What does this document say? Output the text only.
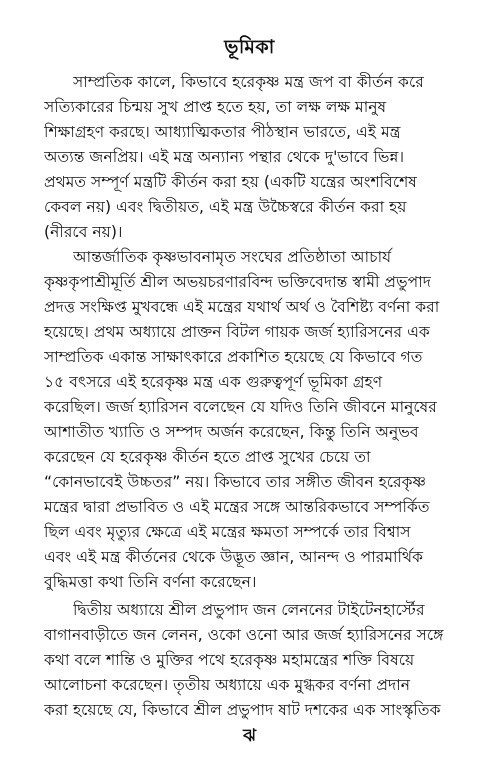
ভূমিকা
সাম্প্রতিক কালে, কিভাবে হরেকৃষ্ণ মন্ত্র জপ বা কীর্তন করে
সত্যিকারের চিন্ময় সুখ প্রাপ্ত হতে হয়, তা লক্ষ লক্ষ মানুষ
শিক্ষাগ্রহণ করছে। আধ্যাত্মিকতার পীঠস্থান ভারতে, এই মন্ত্র
অত্যন্ত জনপ্রিয়। এই মন্ত্র অন্যান্য পন্থার থেকে দু'ভাবে ভিন্ন।
প্রথমত সম্পূর্ণ মন্ত্রটি কীর্তন করা হয় (একটি যন্ত্রের অংশবিশেষ
কেবল নয়) এবং দ্বিতীয়ত, এই মন্ত্র উচ্চৈস্বরে কীর্তন করা হয়
(নীরবে নয়)।
আন্তর্জাতিক কৃষ্ণভাবনামৃত সংঘের প্রতিষ্ঠাতা আচার্য
কৃষ্ণকৃপাশ্রীমূর্তি শ্রীল অভয়চরণারবিন্দ ভক্তিবেদান্ত স্বামী প্রভুপাদ
প্রদত্ত সংক্ষিপ্ত মুখবন্ধে এই মন্ত্রের যথার্থ অর্থ ও বৈশিষ্ট্য বর্ণনা করা
হয়েছে। প্রথম অধ্যায়ে প্রাক্তন বিটল গায়ক জর্জ হ্যারিসনের এক
সাম্প্রতিক একান্ত সাক্ষাৎকারে প্রকাশিত হয়েছে যে কিভাবে গত
১৫ বৎসরে এই হরেকৃষ্ণ মন্ত্র এক গুরুত্বপূর্ণ ভূমিকা গ্রহণ
করেছিল। জর্জ হ্যারিসন বলেছেন যে যদিও তিনি জীবনে মানুষের
আশাতীত খ্যাতি ও সম্পদ অর্জন করেছেন, কিন্তু তিনি অনুভব
করেছেন যে হরেকৃষ্ণ কীর্তন হতে প্রাপ্ত সুখের চেয়ে তা
“কোনভাবেই উচ্চতর” নয়। কিভাবে তার সঙ্গীত জীবন হরেকৃষ্ণ
মন্ত্রের দ্বারা প্রভাবিত ও এই মন্ত্রের সঙ্গে আন্তরিকভাবে সম্পর্কিত
ছিল এবং মৃত্যুর ক্ষেত্রে এই মন্ত্রের ক্ষমতা সম্পর্কে তার বিশ্বাস
এবং এই মন্ত্র কীর্তনের থেকে উদ্ভূত জ্ঞান, আনন্দ ও পারমার্থিক
বুদ্ধিমত্তা কথা তিনি বর্ণনা করেছেন।
দ্বিতীয় অধ্যায়ে শ্রীল প্রভুপাদ জন লেননের টাইটেনহার্স্টের
বাগানবাড়ীতে জন লেনন, ওকো ওনো আর জর্জ হ্যারিসনের সঙ্গে
কথা বলে শান্তি ও মুক্তির পথে হরেকৃষ্ণ মহামন্ত্রের শক্তি বিষয়ে
আলোচনা করেছেন। তৃতীয় অধ্যায়ে এক মুগ্ধকর বর্ণনা প্রদান
করা হয়েছে যে, কিভাবে শ্রীল প্রভুপাদ ষাট দশকের এক সাংস্কৃতিক
ঝ
